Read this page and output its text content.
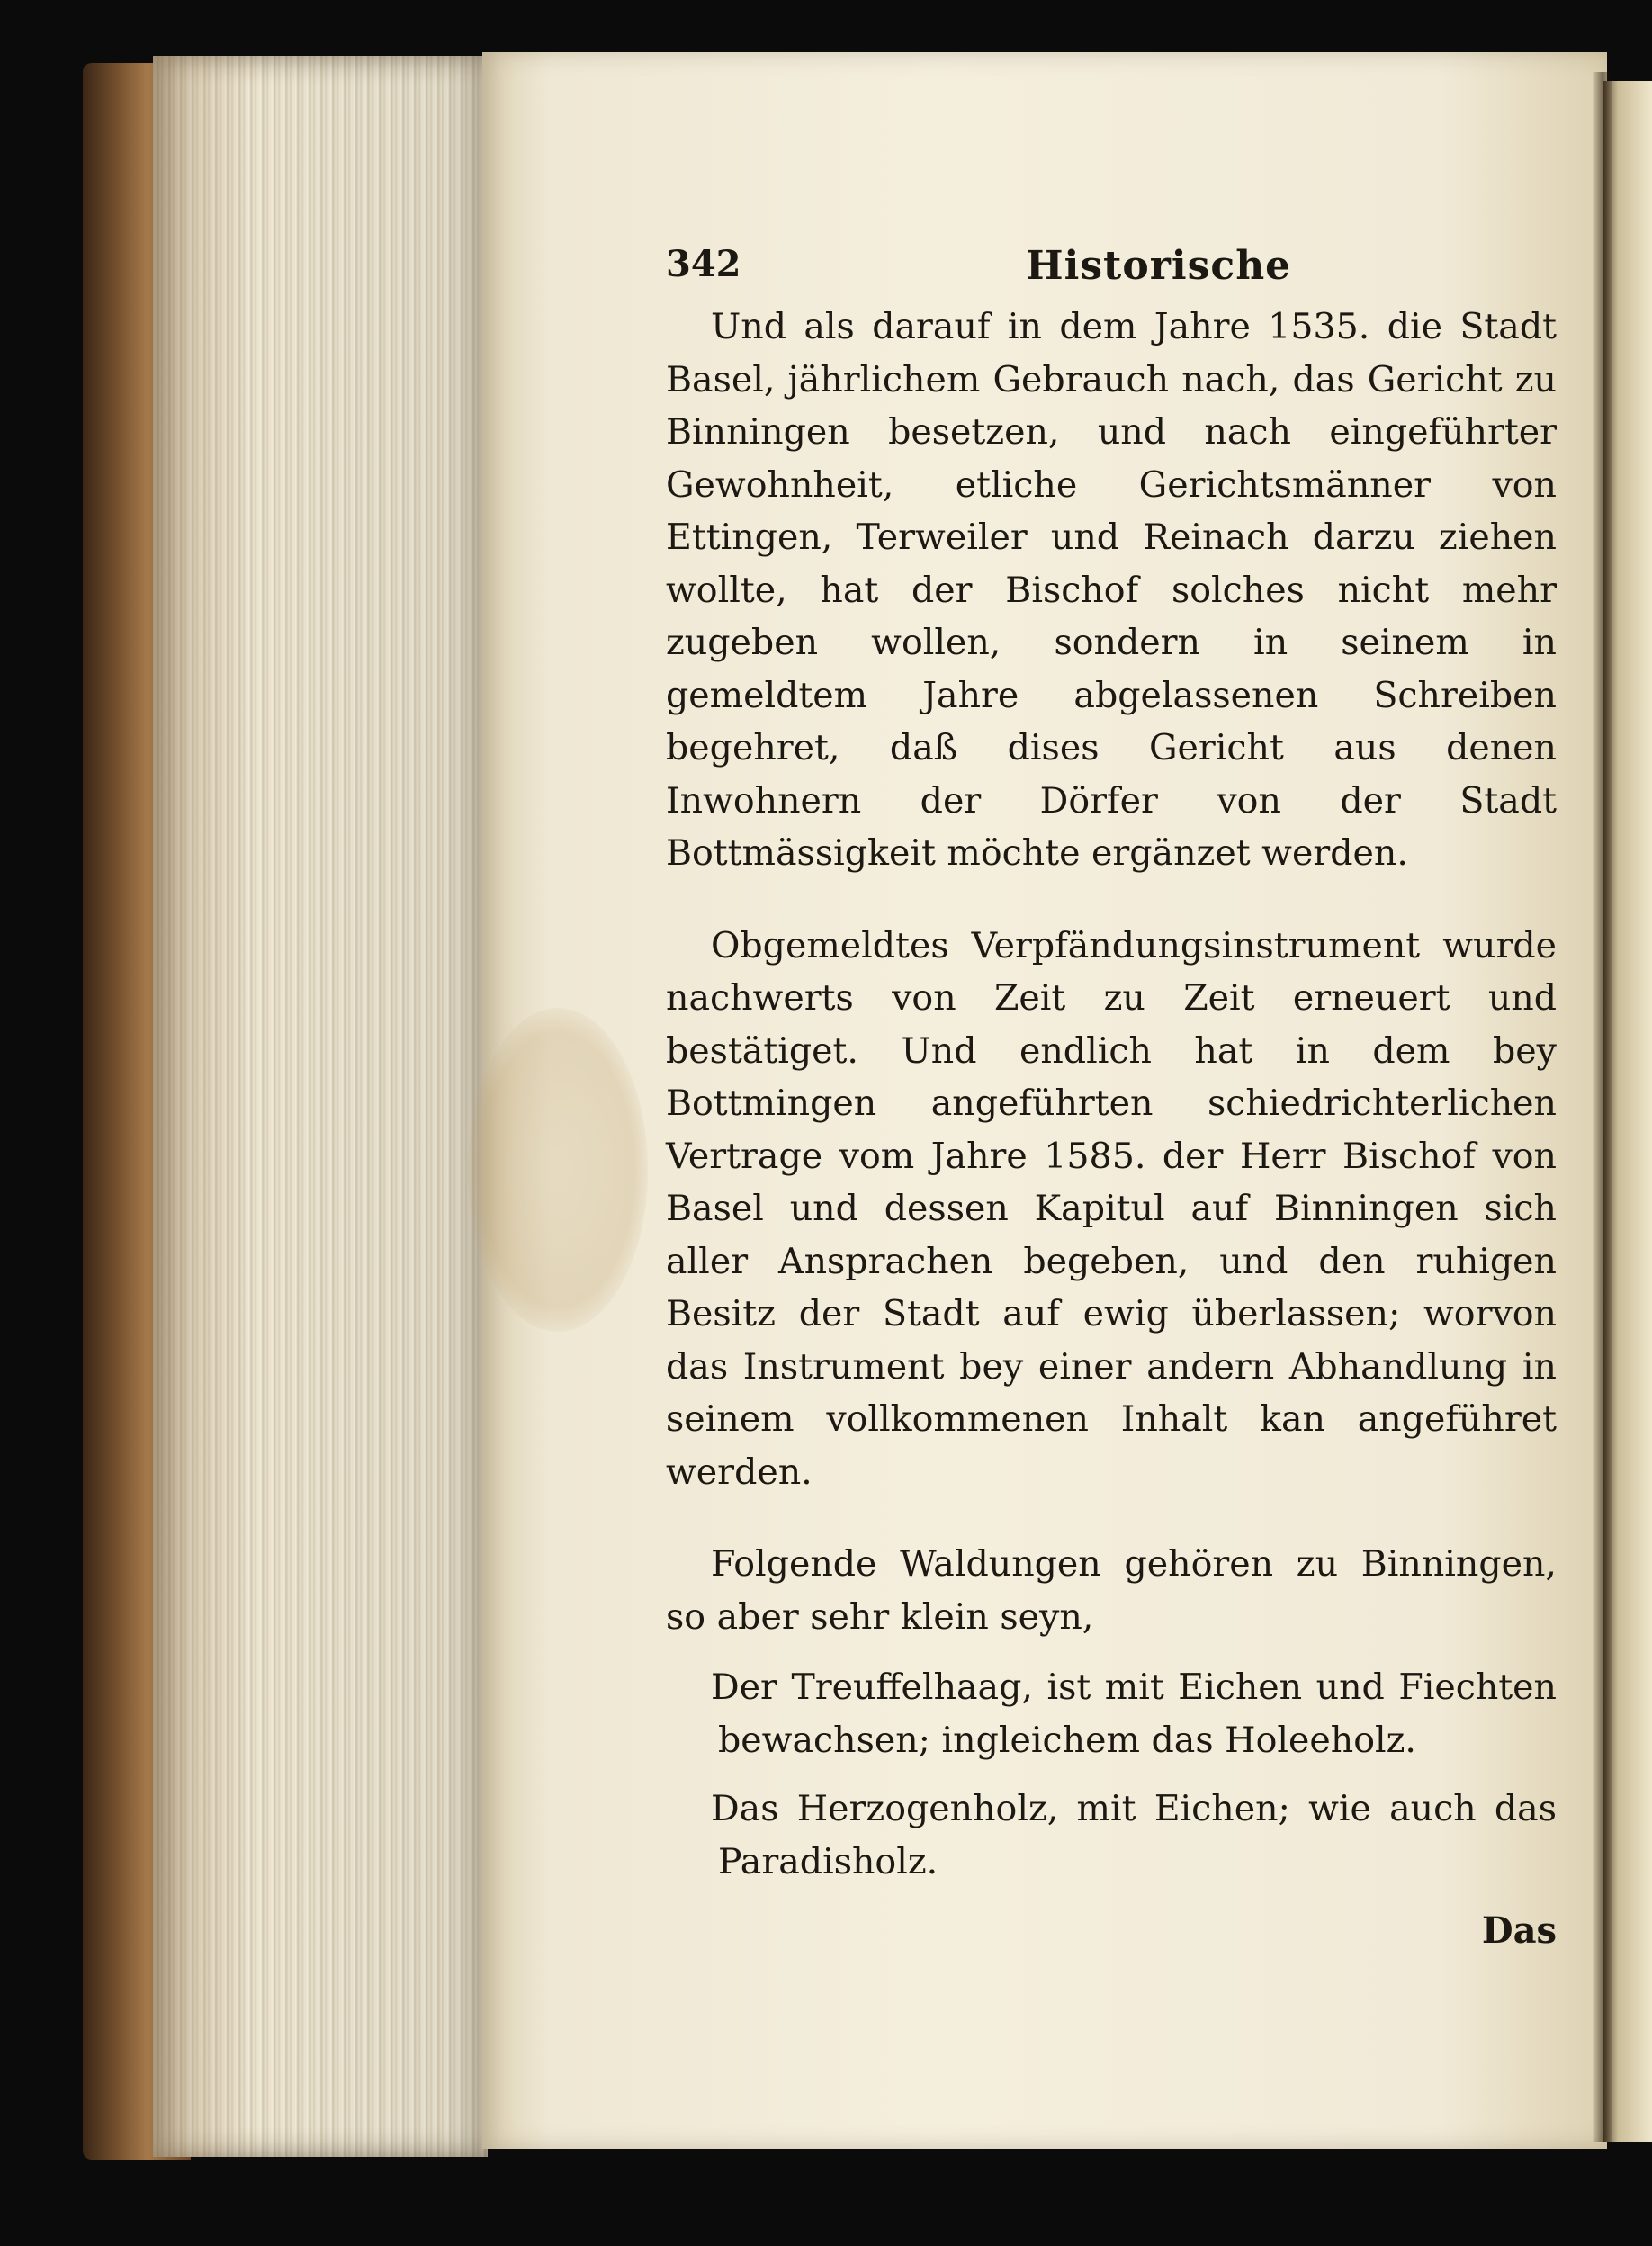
342	Historische

Und als darauf in dem Jahre 1535. die Stadt Basel, jährlichem Gebrauch nach, das Gericht zu Binningen besetzen, und nach eingeführter Gewohnheit, etliche Gerichtsmänner von Ettingen, Terweiler und Reinach darzu ziehen wollte, hat der Bischof solches nicht mehr zugeben wollen, sondern in seinem in gemeldtem Jahre abgelassenen Schreiben begehret, daß dises Gericht aus denen Inwohnern der Dörfer von der Stadt Bottmässigkeit möchte ergänzet werden.

Obgemeldtes Verpfändungsinstrument wurde nachwerts von Zeit zu Zeit erneuert und bestätiget. Und endlich hat in dem bey Bottmingen angeführten schiedrichterlichen Vertrage vom Jahre 1585. der Herr Bischof von Basel und dessen Kapitul auf Binningen sich aller Ansprachen begeben, und den ruhigen Besitz der Stadt auf ewig überlassen; worvon das Instrument bey einer andern Abhandlung in seinem vollkommenen Inhalt kan angeführet werden.

Folgende Waldungen gehören zu Binningen, so aber sehr klein seyn,

Der Treuffelhaag, ist mit Eichen und Fiechten bewachsen; ingleichem das Holeeholz.

Das Herzogenholz, mit Eichen; wie auch das Paradisholz.

Das
